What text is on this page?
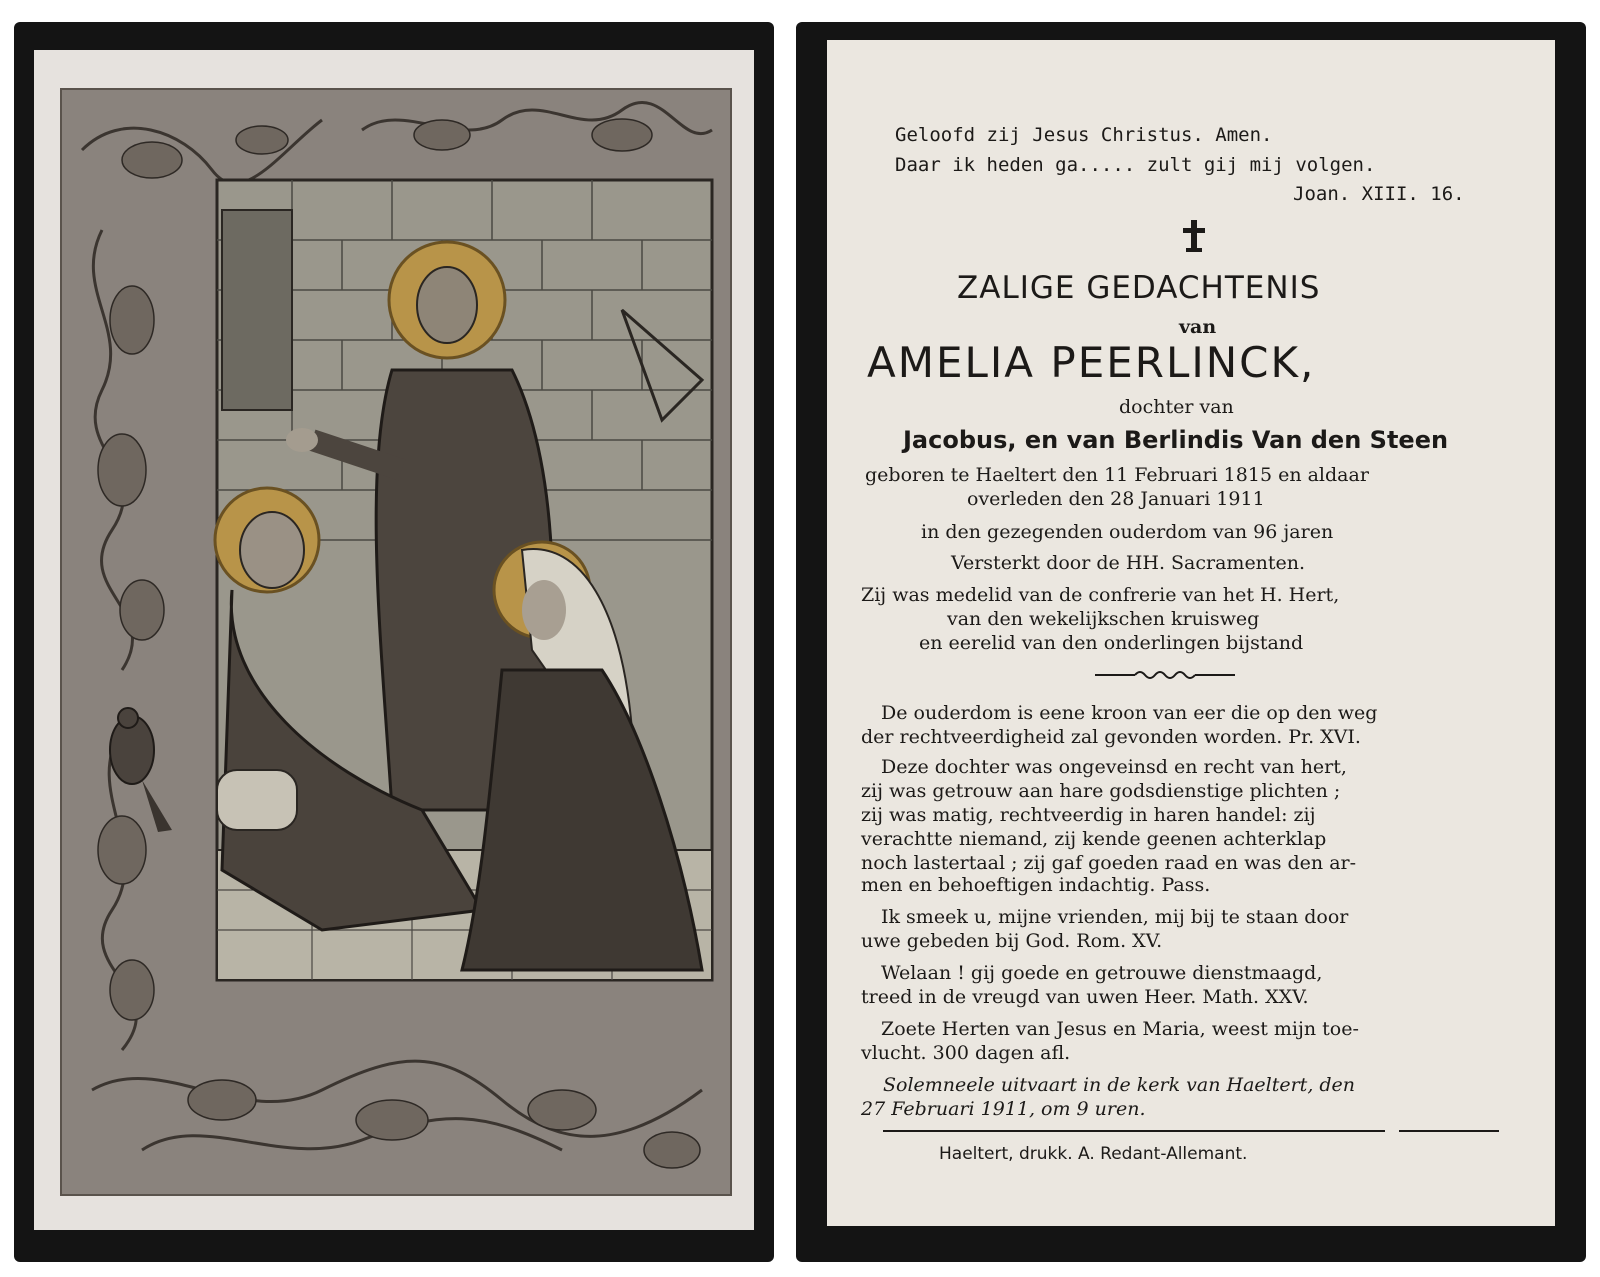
Geloofd zij Jesus Christus. Amen.
Daar ik heden ga..... zult gij mij volgen.
Joan. XIII. 16.
ZALIGE GEDACHTENIS
van
AMELIA PEERLINCK,
dochter van
Jacobus, en van Berlindis Van den Steen
geboren te Haeltert den 11 Februari 1815 en aldaar
overleden den 28 Januari 1911
in den gezegenden ouderdom van 96 jaren
Versterkt door de HH. Sacramenten.
Zij was medelid van de confrerie van het H. Hert,
van den wekelijkschen kruisweg
en eerelid van den onderlingen bijstand
De ouderdom is eene kroon van eer die op den weg
der rechtveerdigheid zal gevonden worden. Pr. XVI.
Deze dochter was ongeveinsd en recht van hert,
zij was getrouw aan hare godsdienstige plichten ;
zij was matig, rechtveerdig in haren handel: zij
verachtte niemand, zij kende geenen achterklap
noch lastertaal ; zij gaf goeden raad en was den ar-
men en behoeftigen indachtig. Pass.
Ik smeek u, mijne vrienden, mij bij te staan door
uwe gebeden bij God. Rom. XV.
Welaan ! gij goede en getrouwe dienstmaagd,
treed in de vreugd van uwen Heer. Math. XXV.
Zoete Herten van Jesus en Maria, weest mijn toe-
vlucht. 300 dagen afl.
Solemneele uitvaart in de kerk van Haeltert, den
27 Februari 1911, om 9 uren.
Haeltert, drukk. A. Redant-Allemant.
